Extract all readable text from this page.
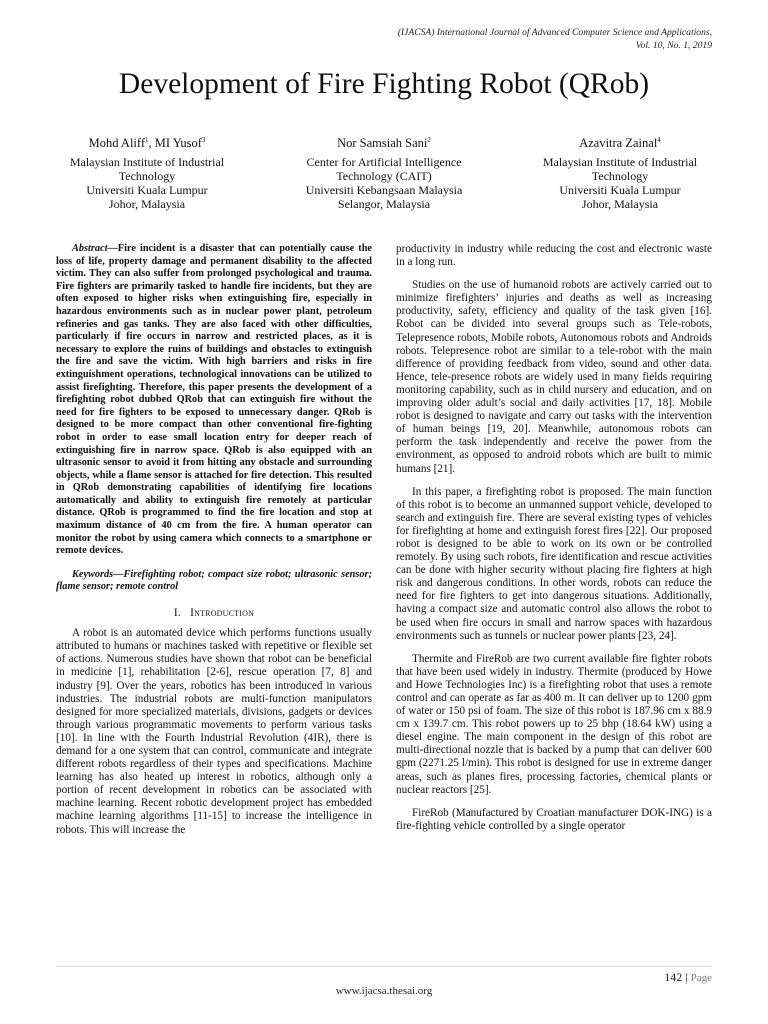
(IJACSA) International Journal of Advanced Computer Science and Applications,
Vol. 10, No. 1, 2019
Development of Fire Fighting Robot (QRob)
Mohd Aliff$^1$, MI Yusof$^3$
Malaysian Institute of Industrial
Technology
Universiti Kuala Lumpur
Johor, Malaysia
Nor Samsiah Sani$^2$
Center for Artificial Intelligence
Technology (CAIT)
Universiti Kebangsaan Malaysia
Selangor, Malaysia
Azavitra Zainal$^4$
Malaysian Institute of Industrial
Technology
Universiti Kuala Lumpur
Johor, Malaysia
Abstract—Fire incident is a disaster that can potentially cause the loss of life, property damage and permanent disability to the affected victim. They can also suffer from prolonged psychological and trauma. Fire fighters are primarily tasked to handle fire incidents, but they are often exposed to higher risks when extinguishing fire, especially in hazardous environments such as in nuclear power plant, petroleum refineries and gas tanks. They are also faced with other difficulties, particularly if fire occurs in narrow and restricted places, as it is necessary to explore the ruins of buildings and obstacles to extinguish the fire and save the victim. With high barriers and risks in fire extinguishment operations, technological innovations can be utilized to assist firefighting. Therefore, this paper presents the development of a firefighting robot dubbed QRob that can extinguish fire without the need for fire fighters to be exposed to unnecessary danger. QRob is designed to be more compact than other conventional fire-fighting robot in order to ease small location entry for deeper reach of extinguishing fire in narrow space. QRob is also equipped with an ultrasonic sensor to avoid it from hitting any obstacle and surrounding objects, while a flame sensor is attached for fire detection. This resulted in QRob demonstrating capabilities of identifying fire locations automatically and ability to extinguish fire remotely at particular distance. QRob is programmed to find the fire location and stop at maximum distance of 40 cm from the fire. A human operator can monitor the robot by using camera which connects to a smartphone or remote devices.
Keywords—Firefighting robot; compact size robot; ultrasonic sensor; flame sensor; remote control
I. Introduction

A robot is an automated device which performs functions usually attributed to humans or machines tasked with repetitive or flexible set of actions. Numerous studies have shown that robot can be beneficial in medicine [1], rehabilitation [2-6], rescue operation [7, 8] and industry [9]. Over the years, robotics has been introduced in various industries. The industrial robots are multi-function manipulators designed for more specialized materials, divisions, gadgets or devices through various programmatic movements to perform various tasks [10]. In line with the Fourth Industrial Revolution (4IR), there is demand for a one system that can control, communicate and integrate different robots regardless of their types and specifications. Machine learning has also heated up interest in robotics, although only a portion of recent development in robotics can be associated with machine learning. Recent robotic development project has embedded machine learning algorithms [11-15] to increase the intelligence in robots. This will increase the

productivity in industry while reducing the cost and electronic waste in a long run.

Studies on the use of humanoid robots are actively carried out to minimize firefighters’ injuries and deaths as well as increasing productivity, safety, efficiency and quality of the task given [16]. Robot can be divided into several groups such as Tele-robots, Telepresence robots, Mobile robots, Autonomous robots and Androids robots. Telepresence robot are similar to a tele-robot with the main difference of providing feedback from video, sound and other data. Hence, tele-presence robots are widely used in many fields requiring monitoring capability, such as in child nursery and education, and on improving older adult’s social and daily activities [17, 18]. Mobile robot is designed to navigate and carry out tasks with the intervention of human beings [19, 20]. Meanwhile, autonomous robots can perform the task independently and receive the power from the environment, as opposed to android robots which are built to mimic humans [21].

In this paper, a firefighting robot is proposed. The main function of this robot is to become an unmanned support vehicle, developed to search and extinguish fire. There are several existing types of vehicles for firefighting at home and extinguish forest fires [22]. Our proposed robot is designed to be able to work on its own or be controlled remotely. By using such robots, fire identification and rescue activities can be done with higher security without placing fire fighters at high risk and dangerous conditions. In other words, robots can reduce the need for fire fighters to get into dangerous situations. Additionally, having a compact size and automatic control also allows the robot to be used when fire occurs in small and narrow spaces with hazardous environments such as tunnels or nuclear power plants [23, 24].

Thermite and FireRob are two current available fire fighter robots that have been used widely in industry. Thermite (produced by Howe and Howe Technologies Inc) is a firefighting robot that uses a remote control and can operate as far as 400 m. It can deliver up to 1200 gpm of water or 150 psi of foam. The size of this robot is 187.96 cm x 88.9 cm x 139.7 cm. This robot powers up to 25 bhp (18.64 kW) using a diesel engine. The main component in the design of this robot are multi-directional nozzle that is backed by a pump that can deliver 600 gpm (2271.25 l/min). This robot is designed for use in extreme danger areas, such as planes fires, processing factories, chemical plants or nuclear reactors [25].

FireRob (Manufactured by Croatian manufacturer DOK-ING) is a fire-fighting vehicle controlled by a single operator

142 | Page
www.ijacsa.thesai.org
